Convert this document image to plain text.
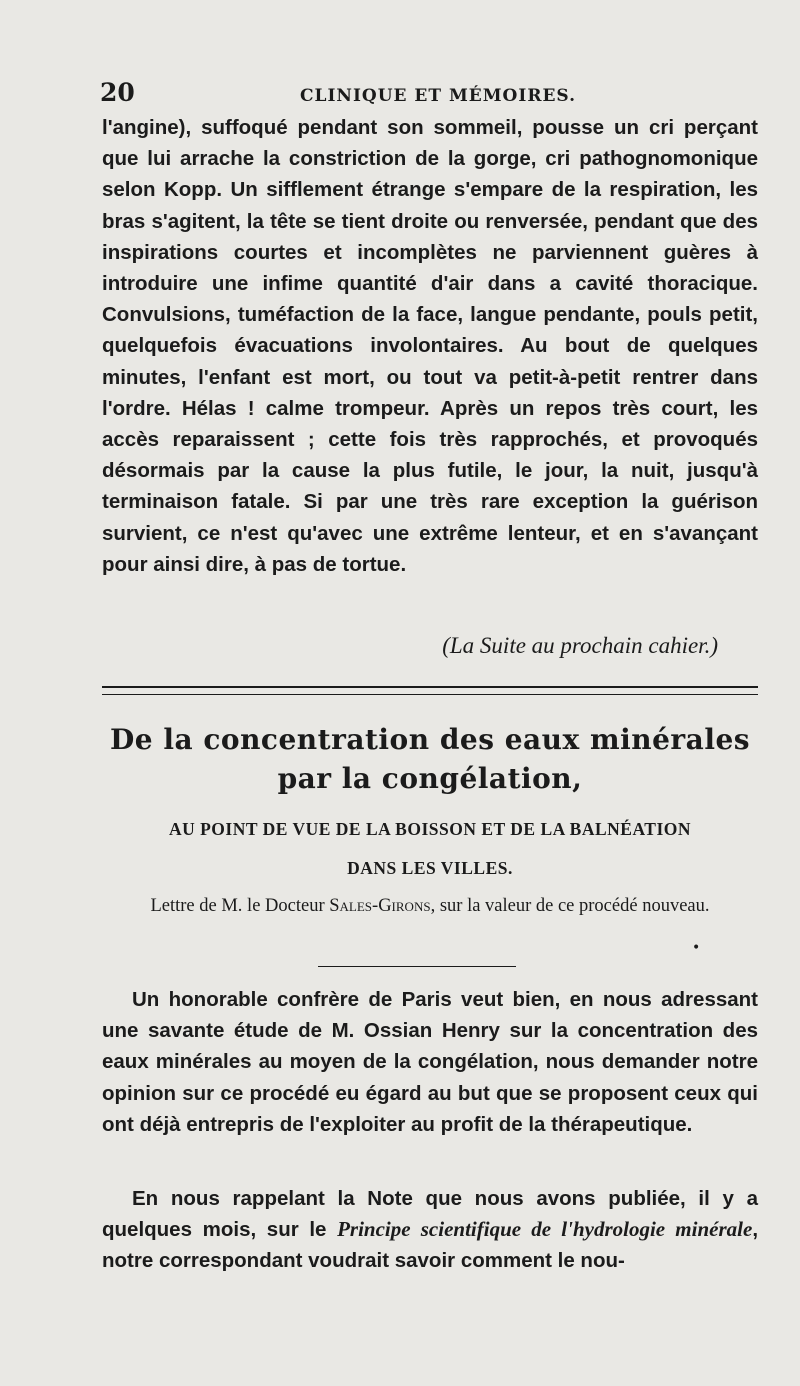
20	CLINIQUE ET MÉMOIRES.

l'angine), suffoqué pendant son sommeil, pousse un cri perçant que lui arrache la constriction de la gorge, cri pathognomonique selon Kopp. Un sifflement étrange s'empare de la respiration, les bras s'agitent, la tête se tient droite ou renversée, pendant que des inspirations courtes et incomplètes ne parviennent guères à introduire une infime quantité d'air dans a cavité thoracique. Convulsions, tuméfaction de la face, langue pendante, pouls petit, quelquefois évacuations involontaires. Au bout de quelques minutes, l'enfant est mort, ou tout va petit-à-petit rentrer dans l'ordre. Hélas ! calme trompeur. Après un repos très court, les accès reparaissent ; cette fois très rapprochés, et provoqués désormais par la cause la plus futile, le jour, la nuit, jusqu'à terminaison fatale. Si par une très rare exception la guérison survient, ce n'est qu'avec une extrême lenteur, et en s'avançant pour ainsi dire, à pas de tortue.

(La Suite au prochain cahier.)
De la concentration des eaux minérales
par la congélation,
AU POINT DE VUE DE LA BOISSON ET DE LA BALNÉATION
DANS LES VILLES.
Lettre de M. le Docteur Sales-Girons, sur la valeur de ce procédé nouveau.
•

Un honorable confrère de Paris veut bien, en nous adressant une savante étude de M. Ossian Henry sur la concentration des eaux minérales au moyen de la congélation, nous demander notre opinion sur ce procédé eu égard au but que se proposent ceux qui ont déjà entrepris de l'exploiter au profit de la thérapeutique.

En nous rappelant la Note que nous avons publiée, il y a quelques mois, sur le Principe scientifique de l'hydrologie minérale, notre correspondant voudrait savoir comment le nou-
